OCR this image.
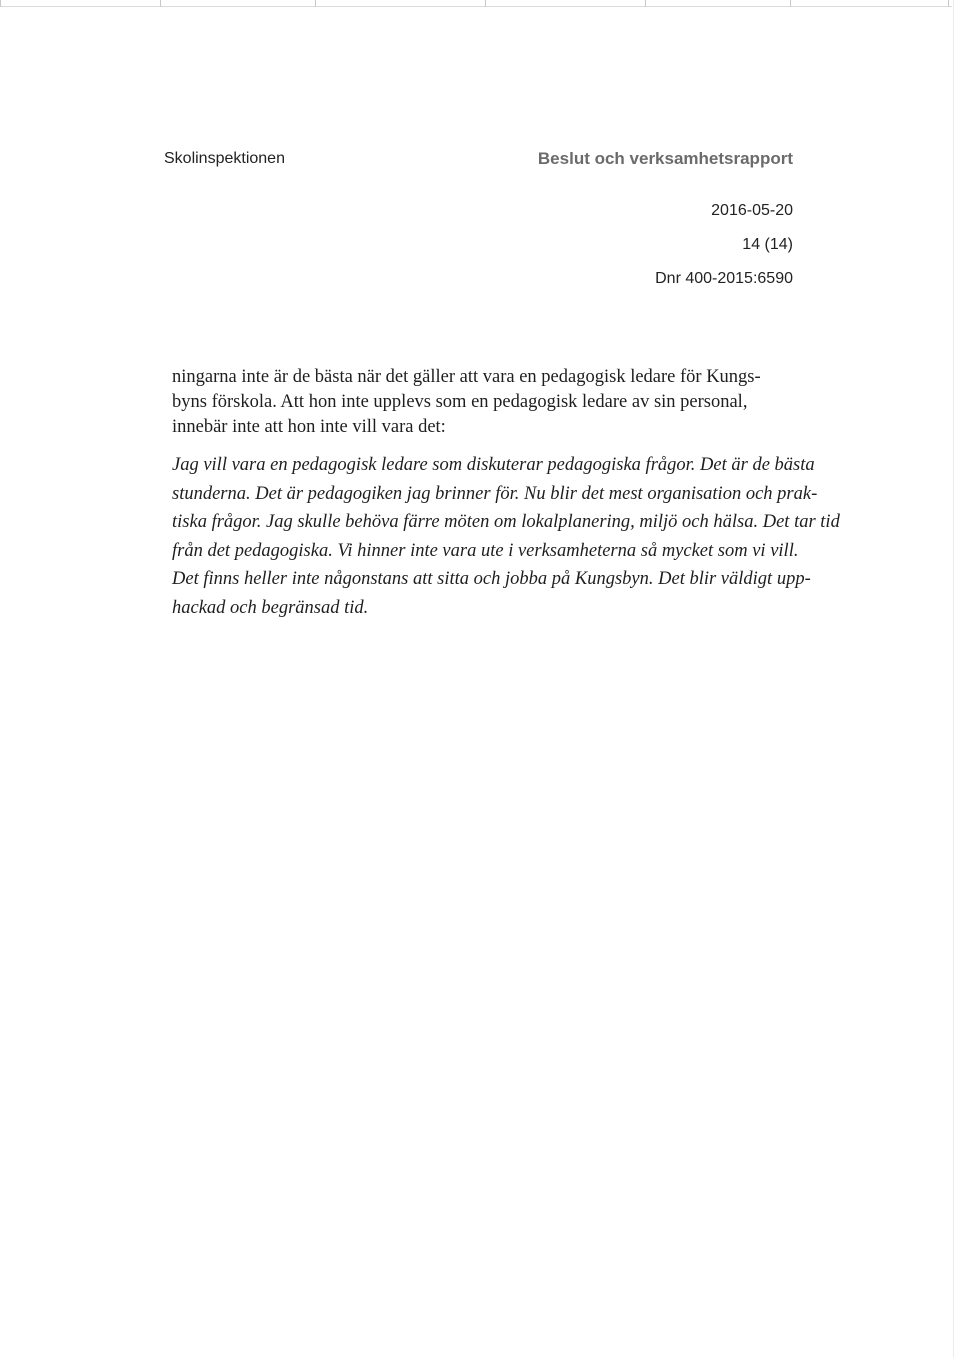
Skolinspektionen	Beslut och verksamhetsrapport
2016-05-20
14 (14)
Dnr 400-2015:6590
ningarna inte är de bästa när det gäller att vara en pedagogisk ledare för Kungs-
byns förskola. Att hon inte upplevs som en pedagogisk ledare av sin personal,
innebär inte att hon inte vill vara det:
Jag vill vara en pedagogisk ledare som diskuterar pedagogiska frågor. Det är de bästa
stunderna. Det är pedagogiken jag brinner för. Nu blir det mest organisation och prak-
tiska frågor. Jag skulle behöva färre möten om lokalplanering, miljö och hälsa. Det tar tid
från det pedagogiska. Vi hinner inte vara ute i verksamheterna så mycket som vi vill.
Det finns heller inte någonstans att sitta och jobba på Kungsbyn. Det blir väldigt upp-
hackad och begränsad tid.
